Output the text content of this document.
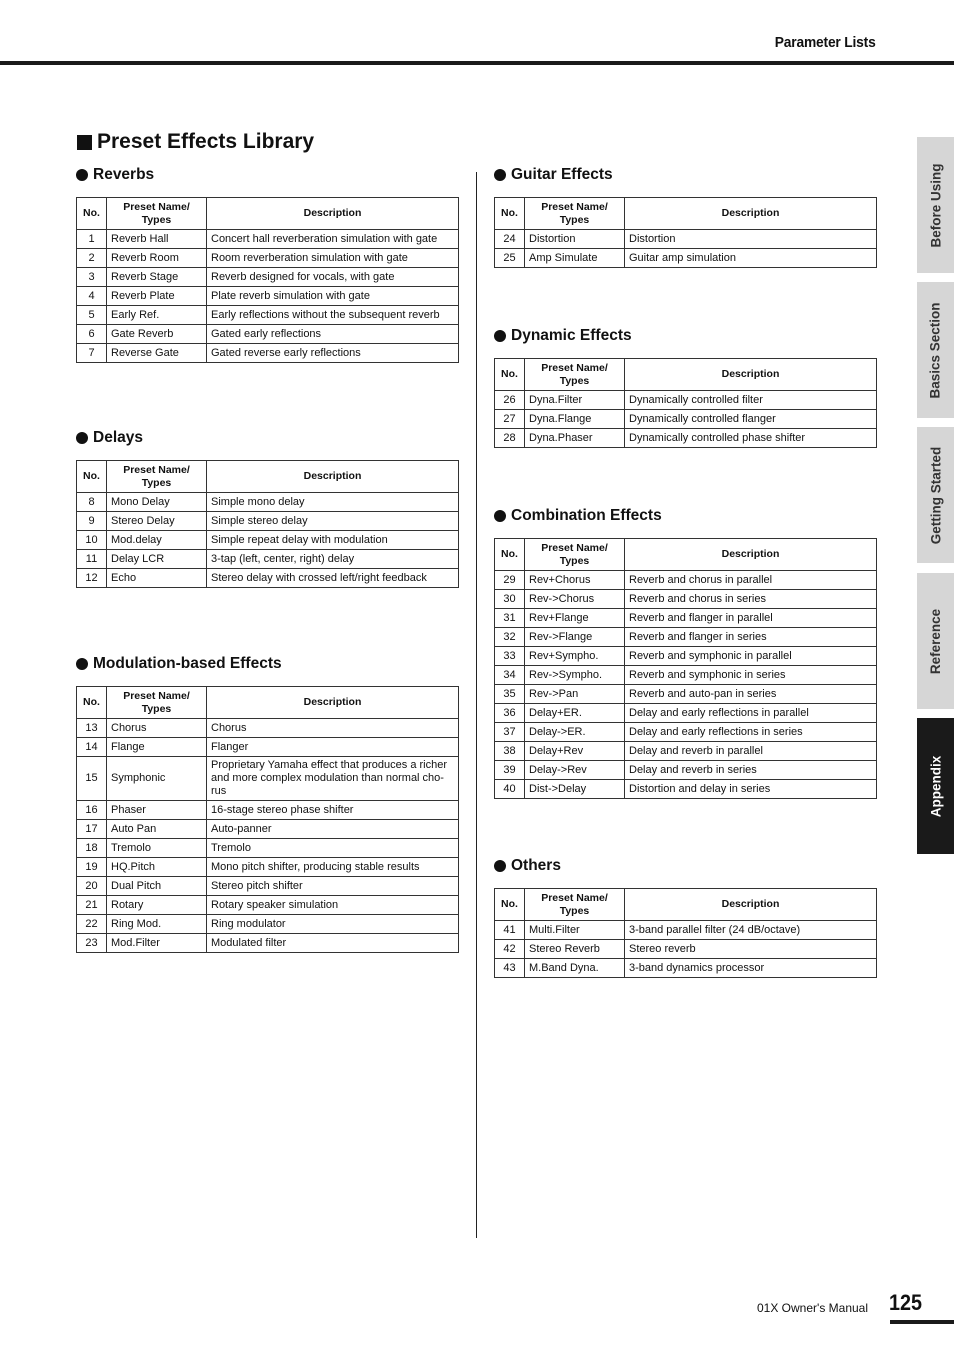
Parameter Lists
Preset Effects Library
Reverbs
No.	Preset Name/ Types	Description
1	Reverb Hall	Concert hall reverberation simulation with gate
2	Reverb Room	Room reverberation simulation with gate
3	Reverb Stage	Reverb designed for vocals, with gate
4	Reverb Plate	Plate reverb simulation with gate
5	Early Ref.	Early reflections without the subsequent reverb
6	Gate Reverb	Gated early reflections
7	Reverse Gate	Gated reverse early reflections
Delays
No.	Preset Name/ Types	Description
8	Mono Delay	Simple mono delay
9	Stereo Delay	Simple stereo delay
10	Mod.delay	Simple repeat delay with modulation
11	Delay LCR	3-tap (left, center, right) delay
12	Echo	Stereo delay with crossed left/right feedback
Modulation-based Effects
No.	Preset Name/ Types	Description
13	Chorus	Chorus
14	Flange	Flanger
15	Symphonic	Proprietary Yamaha effect that produces a richer and more complex modulation than normal cho-rus
16	Phaser	16-stage stereo phase shifter
17	Auto Pan	Auto-panner
18	Tremolo	Tremolo
19	HQ.Pitch	Mono pitch shifter, producing stable results
20	Dual Pitch	Stereo pitch shifter
21	Rotary	Rotary speaker simulation
22	Ring Mod.	Ring modulator
23	Mod.Filter	Modulated filter
Guitar Effects
No.	Preset Name/ Types	Description
24	Distortion	Distortion
25	Amp Simulate	Guitar amp simulation
Dynamic Effects
No.	Preset Name/ Types	Description
26	Dyna.Filter	Dynamically controlled filter
27	Dyna.Flange	Dynamically controlled flanger
28	Dyna.Phaser	Dynamically controlled phase shifter
Combination Effects
No.	Preset Name/ Types	Description
29	Rev+Chorus	Reverb and chorus in parallel
30	Rev->Chorus	Reverb and chorus in series
31	Rev+Flange	Reverb and flanger in parallel
32	Rev->Flange	Reverb and flanger in series
33	Rev+Sympho.	Reverb and symphonic in parallel
34	Rev->Sympho.	Reverb and symphonic in series
35	Rev->Pan	Reverb and auto-pan in series
36	Delay+ER.	Delay and early reflections in parallel
37	Delay->ER.	Delay and early reflections in series
38	Delay+Rev	Delay and reverb in parallel
39	Delay->Rev	Delay and reverb in series
40	Dist->Delay	Distortion and delay in series
Others
No.	Preset Name/ Types	Description
41	Multi.Filter	3-band parallel filter (24 dB/octave)
42	Stereo Reverb	Stereo reverb
43	M.Band Dyna.	3-band dynamics processor
Before Using
Basics Section
Getting Started
Reference
Appendix
01X Owner's Manual 125
